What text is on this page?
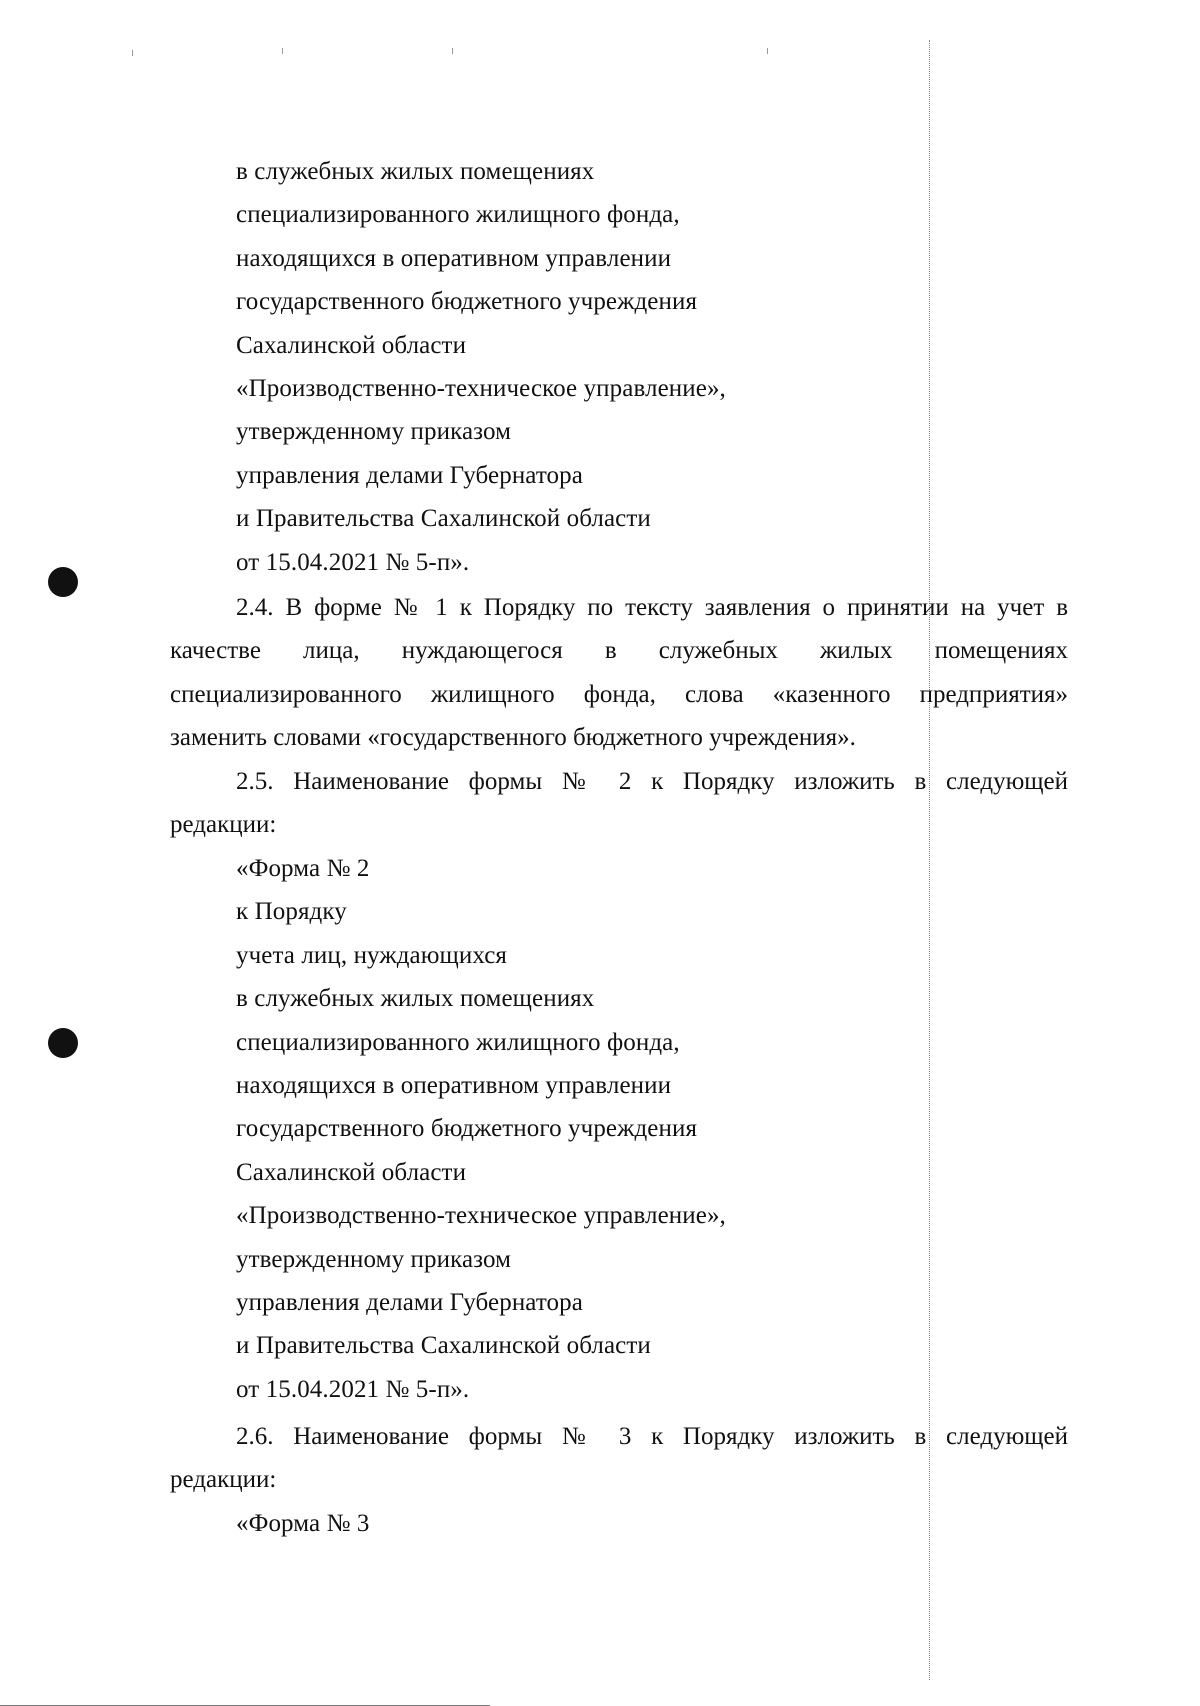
в служебных жилых помещениях
специализированного жилищного фонда,
находящихся в оперативном управлении
государственного бюджетного учреждения
Сахалинской области
«Производственно-техническое управление»,
утвержденному приказом
управления делами Губернатора
и Правительства Сахалинской области
от 15.04.2021 № 5-п».
2.4. В форме № 1 к Порядку по тексту заявления о принятии на учет в
качестве лица, нуждающегося в служебных жилых помещениях
специализированного жилищного фонда, слова «казенного предприятия»
заменить словами «государственного бюджетного учреждения».
2.5. Наименование формы № 2 к Порядку изложить в следующей
редакции:
«Форма № 2
к Порядку
учета лиц, нуждающихся
в служебных жилых помещениях
специализированного жилищного фонда,
находящихся в оперативном управлении
государственного бюджетного учреждения
Сахалинской области
«Производственно-техническое управление»,
утвержденному приказом
управления делами Губернатора
и Правительства Сахалинской области
от 15.04.2021 № 5-п».
2.6. Наименование формы № 3 к Порядку изложить в следующей
редакции:
«Форма № 3
